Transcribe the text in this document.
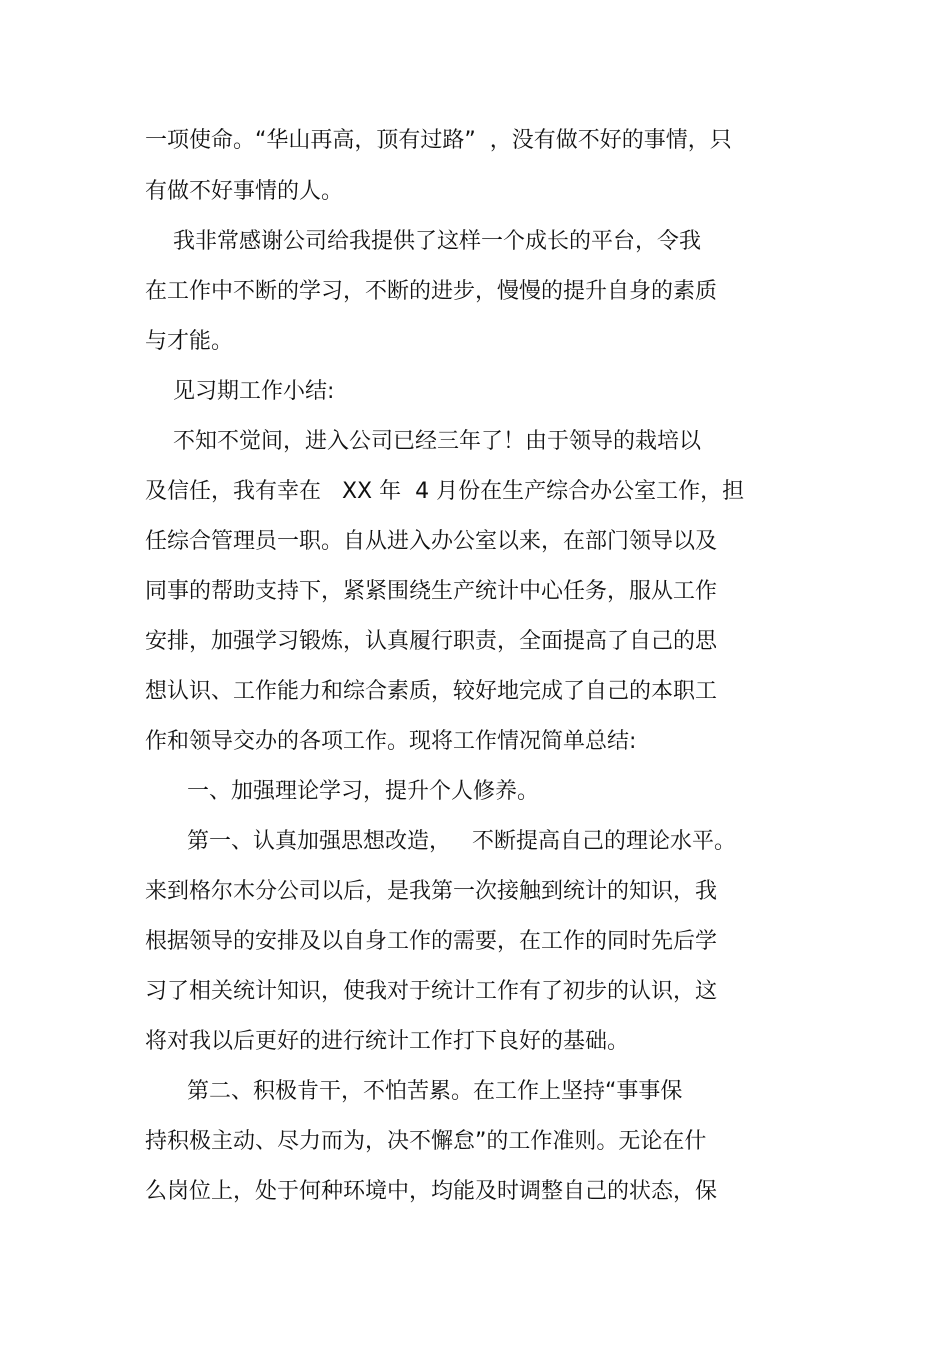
一项使命。“华山再高，顶有过路”  ，没有做不好的事情，只
有做不好事情的人。
我非常感谢公司给我提供了这样一个成长的平台，令我
在工作中不断的学习，不断的进步，慢慢的提升自身的素质
与才能。
见习期工作小结:
不知不觉间，进入公司已经三年了！由于领导的栽培以
及信任，我有幸在   XX 年  4 月份在生产综合办公室工作，担
任综合管理员一职。自从进入办公室以来，在部门领导以及
同事的帮助支持下，紧紧围绕生产统计中心任务，服从工作
安排，加强学习锻炼，认真履行职责，全面提高了自己的思
想认识、工作能力和综合素质，较好地完成了自己的本职工
作和领导交办的各项工作。现将工作情况简单总结:
一、加强理论学习，提升个人修养。
第一、认真加强思想改造，   不断提高自己的理论水平。
来到格尔木分公司以后，是我第一次接触到统计的知识，我
根据领导的安排及以自身工作的需要，在工作的同时先后学
习了相关统计知识，使我对于统计工作有了初步的认识，这
将对我以后更好的进行统计工作打下良好的基础。
第二、积极肯干，不怕苦累。在工作上坚持“事事保
持积极主动、尽力而为，决不懈怠”的工作准则。无论在什
么岗位上，处于何种环境中，均能及时调整自己的状态，保
